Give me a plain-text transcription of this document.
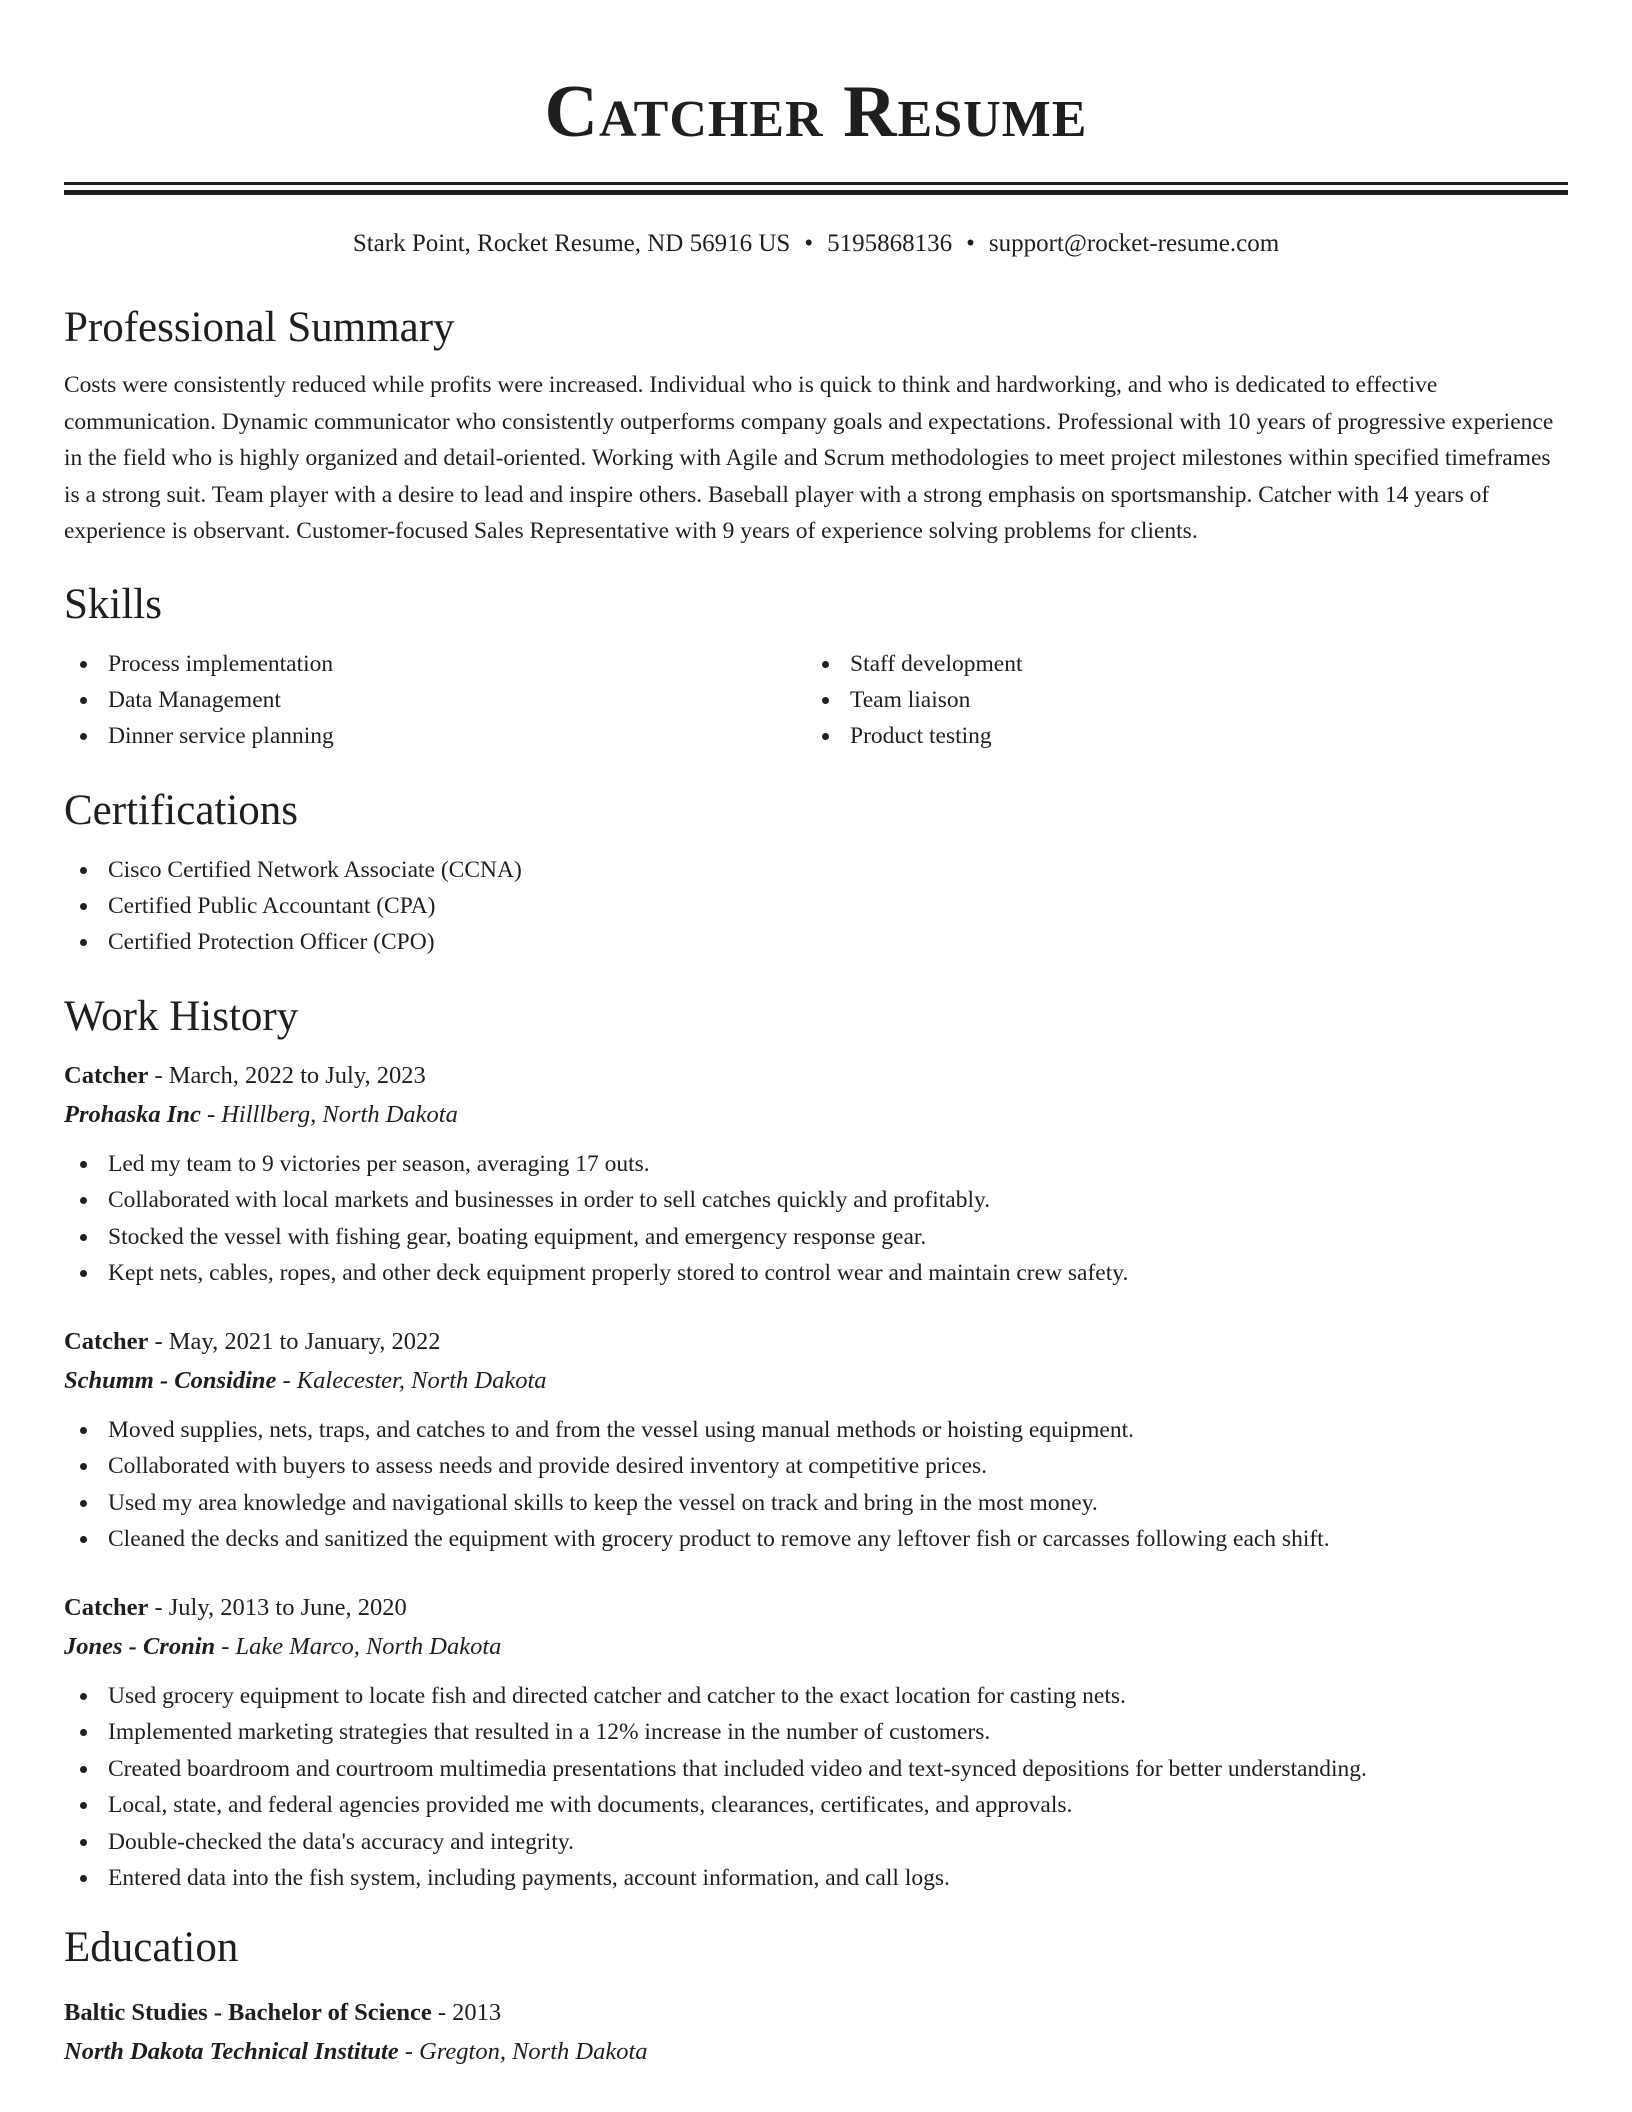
Catcher Resume
Stark Point, Rocket Resume, ND 56916 US • 5195868136 • support@rocket-resume.com
Professional Summary

Costs were consistently reduced while profits were increased. Individual who is quick to think and hardworking, and who is dedicated to effective communication. Dynamic communicator who consistently outperforms company goals and expectations. Professional with 10 years of progressive experience in the field who is highly organized and detail-oriented. Working with Agile and Scrum methodologies to meet project milestones within specified timeframes is a strong suit. Team player with a desire to lead and inspire others. Baseball player with a strong emphasis on sportsmanship. Catcher with 14 years of experience is observant. Customer-focused Sales Representative with 9 years of experience solving problems for clients.

Skills
Process implementation
Data Management
Dinner service planning
Staff development
Team liaison
Product testing
Certifications
Cisco Certified Network Associate (CCNA)
Certified Public Accountant (CPA)
Certified Protection Officer (CPO)
Work History
Catcher - March, 2022 to July, 2023
Prohaska Inc - Hilllberg, North Dakota
Led my team to 9 victories per season, averaging 17 outs.
Collaborated with local markets and businesses in order to sell catches quickly and profitably.
Stocked the vessel with fishing gear, boating equipment, and emergency response gear.
Kept nets, cables, ropes, and other deck equipment properly stored to control wear and maintain crew safety.
Catcher - May, 2021 to January, 2022
Schumm - Considine - Kalecester, North Dakota
Moved supplies, nets, traps, and catches to and from the vessel using manual methods or hoisting equipment.
Collaborated with buyers to assess needs and provide desired inventory at competitive prices.
Used my area knowledge and navigational skills to keep the vessel on track and bring in the most money.
Cleaned the decks and sanitized the equipment with grocery product to remove any leftover fish or carcasses following each shift.
Catcher - July, 2013 to June, 2020
Jones - Cronin - Lake Marco, North Dakota
Used grocery equipment to locate fish and directed catcher and catcher to the exact location for casting nets.
Implemented marketing strategies that resulted in a 12% increase in the number of customers.
Created boardroom and courtroom multimedia presentations that included video and text-synced depositions for better understanding.
Local, state, and federal agencies provided me with documents, clearances, certificates, and approvals.
Double-checked the data's accuracy and integrity.
Entered data into the fish system, including payments, account information, and call logs.
Education
Baltic Studies - Bachelor of Science - 2013
North Dakota Technical Institute - Gregton, North Dakota
